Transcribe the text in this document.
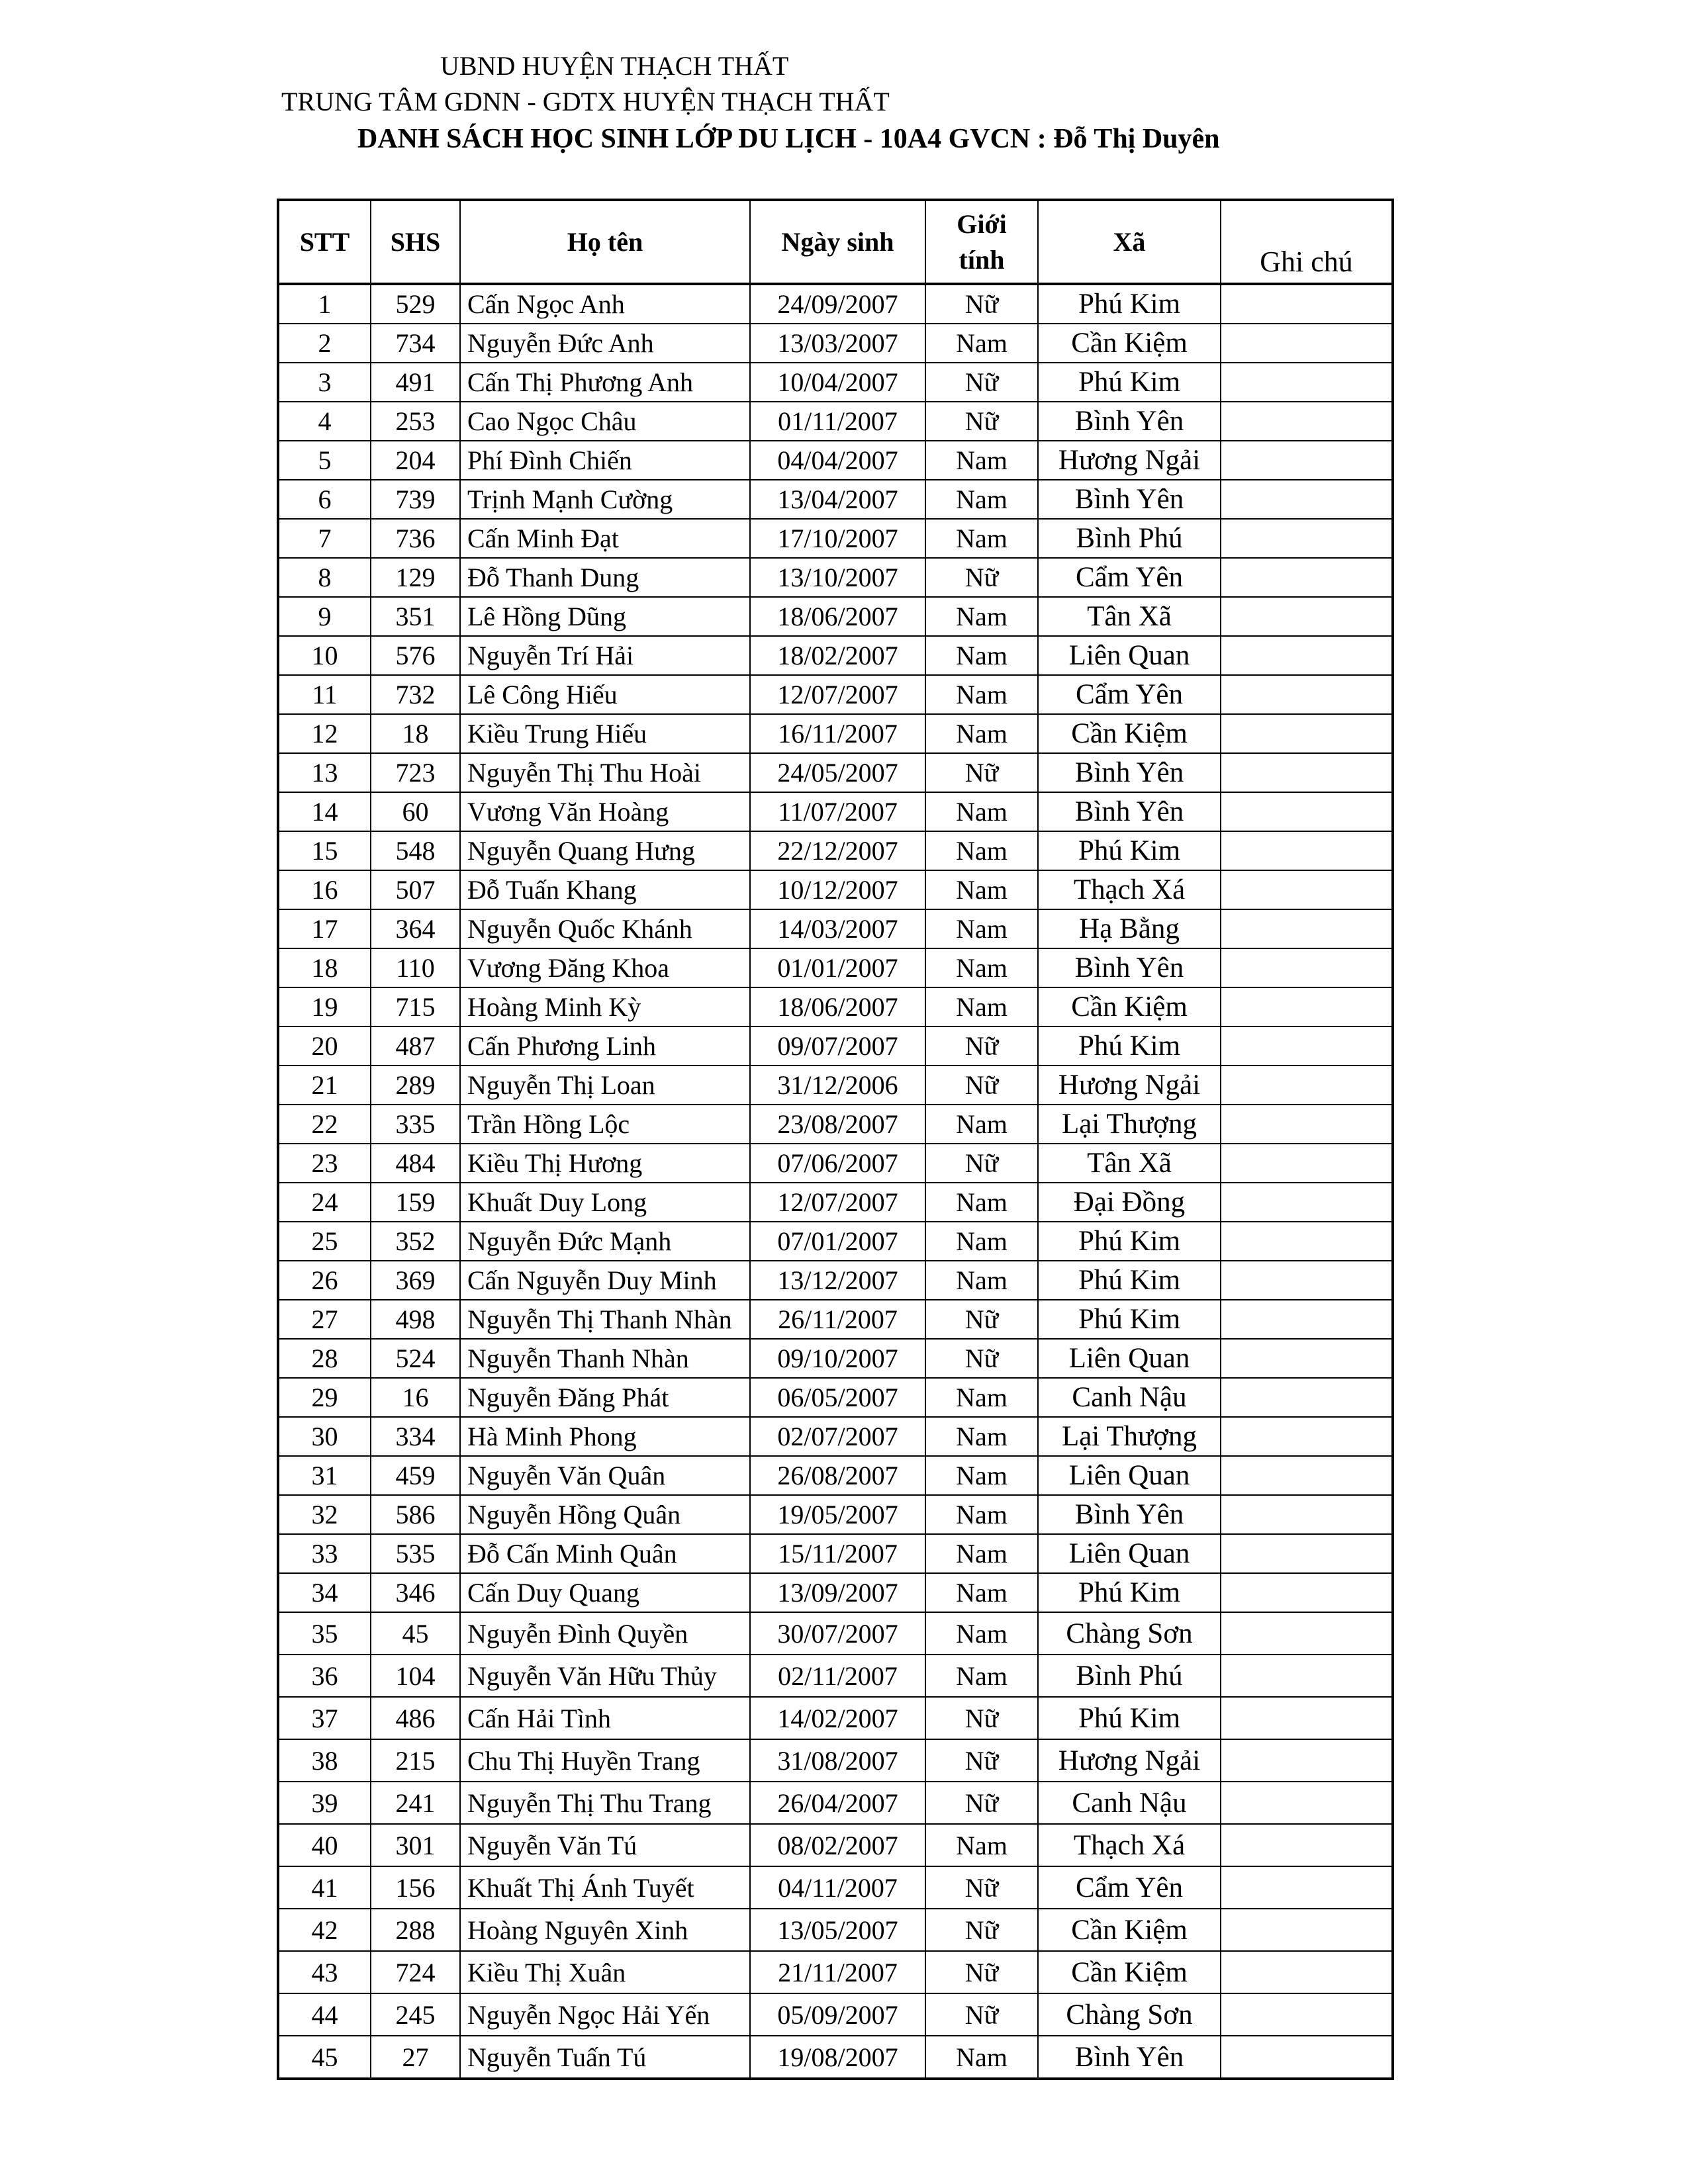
UBND HUYỆN THẠCH THẤT
TRUNG TÂM GDNN - GDTX HUYỆN THẠCH THẤT
DANH SÁCH HỌC SINH LỚP DU LỊCH - 10A4 GVCN : Đỗ Thị Duyên
STT	SHS	Họ tên	Ngày sinh	Giới tính	Xã	Ghi chú
1	529	Cấn Ngọc Anh	24/09/2007	Nữ	Phú Kim	
2	734	Nguyễn Đức Anh	13/03/2007	Nam	Cần Kiệm	
3	491	Cấn Thị Phương Anh	10/04/2007	Nữ	Phú Kim	
4	253	Cao Ngọc Châu	01/11/2007	Nữ	Bình Yên	
5	204	Phí Đình Chiến	04/04/2007	Nam	Hương Ngải	
6	739	Trịnh Mạnh Cường	13/04/2007	Nam	Bình Yên	
7	736	Cấn Minh Đạt	17/10/2007	Nam	Bình Phú	
8	129	Đỗ Thanh Dung	13/10/2007	Nữ	Cẩm Yên	
9	351	Lê Hồng Dũng	18/06/2007	Nam	Tân Xã	
10	576	Nguyễn Trí Hải	18/02/2007	Nam	Liên Quan	
11	732	Lê Công Hiếu	12/07/2007	Nam	Cẩm Yên	
12	18	Kiều Trung Hiếu	16/11/2007	Nam	Cần Kiệm	
13	723	Nguyễn Thị Thu Hoài	24/05/2007	Nữ	Bình Yên	
14	60	Vương Văn Hoàng	11/07/2007	Nam	Bình Yên	
15	548	Nguyễn Quang Hưng	22/12/2007	Nam	Phú Kim	
16	507	Đỗ Tuấn Khang	10/12/2007	Nam	Thạch Xá	
17	364	Nguyễn Quốc Khánh	14/03/2007	Nam	Hạ Bằng	
18	110	Vương Đăng Khoa	01/01/2007	Nam	Bình Yên	
19	715	Hoàng Minh Kỳ	18/06/2007	Nam	Cần Kiệm	
20	487	Cấn Phương Linh	09/07/2007	Nữ	Phú Kim	
21	289	Nguyễn Thị Loan	31/12/2006	Nữ	Hương Ngải	
22	335	Trần Hồng Lộc	23/08/2007	Nam	Lại Thượng	
23	484	Kiều Thị Hương	07/06/2007	Nữ	Tân Xã	
24	159	Khuất Duy Long	12/07/2007	Nam	Đại Đồng	
25	352	Nguyễn Đức Mạnh	07/01/2007	Nam	Phú Kim	
26	369	Cấn Nguyễn Duy Minh	13/12/2007	Nam	Phú Kim	
27	498	Nguyễn Thị Thanh Nhàn	26/11/2007	Nữ	Phú Kim	
28	524	Nguyễn Thanh Nhàn	09/10/2007	Nữ	Liên Quan	
29	16	Nguyễn Đăng Phát	06/05/2007	Nam	Canh Nậu	
30	334	Hà Minh Phong	02/07/2007	Nam	Lại Thượng	
31	459	Nguyễn Văn Quân	26/08/2007	Nam	Liên Quan	
32	586	Nguyễn Hồng Quân	19/05/2007	Nam	Bình Yên	
33	535	Đỗ Cấn Minh Quân	15/11/2007	Nam	Liên Quan	
34	346	Cấn Duy Quang	13/09/2007	Nam	Phú Kim	
35	45	Nguyễn Đình Quyền	30/07/2007	Nam	Chàng Sơn	
36	104	Nguyễn Văn Hữu Thủy	02/11/2007	Nam	Bình Phú	
37	486	Cấn Hải Tình	14/02/2007	Nữ	Phú Kim	
38	215	Chu Thị Huyền Trang	31/08/2007	Nữ	Hương Ngải	
39	241	Nguyễn Thị Thu Trang	26/04/2007	Nữ	Canh Nậu	
40	301	Nguyễn Văn Tú	08/02/2007	Nam	Thạch Xá	
41	156	Khuất Thị Ánh Tuyết	04/11/2007	Nữ	Cẩm Yên	
42	288	Hoàng Nguyên Xinh	13/05/2007	Nữ	Cần Kiệm	
43	724	Kiều Thị Xuân	21/11/2007	Nữ	Cần Kiệm	
44	245	Nguyễn Ngọc Hải Yến	05/09/2007	Nữ	Chàng Sơn	
45	27	Nguyễn Tuấn Tú	19/08/2007	Nam	Bình Yên	
